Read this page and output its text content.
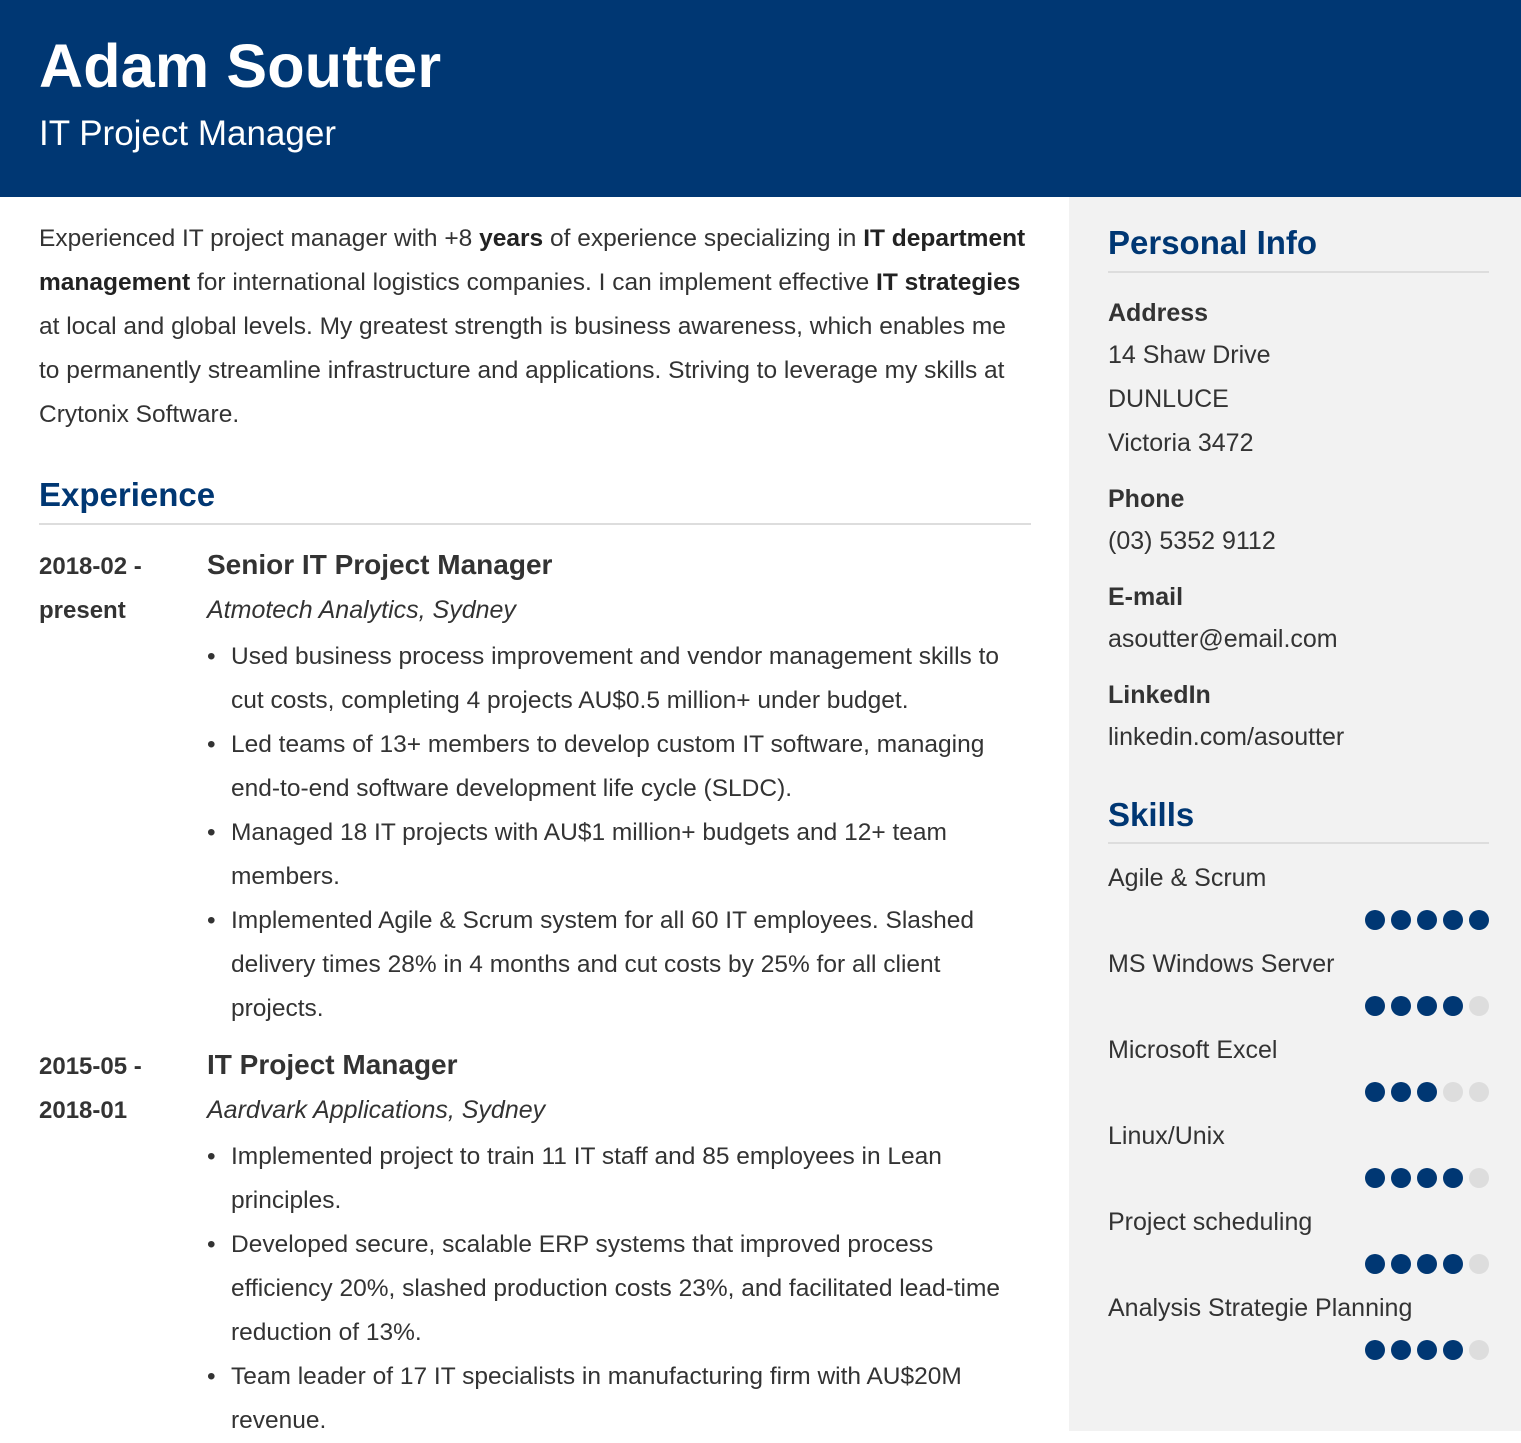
Adam Soutter
IT Project Manager

Experienced IT project manager with +8 years of experience specializing in IT department management for international logistics companies. I can implement effective IT strategies at local and global levels. My greatest strength is business awareness, which enables me to permanently streamline infrastructure and applications. Striving to leverage my skills at Crytonix Software.

Experience
2018-02 -
present
Senior IT Project Manager
Atmotech Analytics, Sydney
• Used business process improvement and vendor management skills to cut costs, completing 4 projects AU$0.5 million+ under budget.
• Led teams of 13+ members to develop custom IT software, managing end-to-end software development life cycle (SLDC).
• Managed 18 IT projects with AU$1 million+ budgets and 12+ team members.
• Implemented Agile & Scrum system for all 60 IT employees. Slashed delivery times 28% in 4 months and cut costs by 25% for all client projects.
2015-05 -
2018-01
IT Project Manager
Aardvark Applications, Sydney
• Implemented project to train 11 IT staff and 85 employees in Lean principles.
• Developed secure, scalable ERP systems that improved process efficiency 20%, slashed production costs 23%, and facilitated lead-time reduction of 13%.
• Team leader of 17 IT specialists in manufacturing firm with AU$20M revenue.
Personal Info
Address
14 Shaw Drive
DUNLUCE
Victoria 3472
Phone
(03) 5352 9112
E-mail
asoutter@email.com
LinkedIn
linkedin.com/asoutter
Skills
Agile & Scrum
MS Windows Server
Microsoft Excel
Linux/Unix
Project scheduling
Analysis Strategie Planning
